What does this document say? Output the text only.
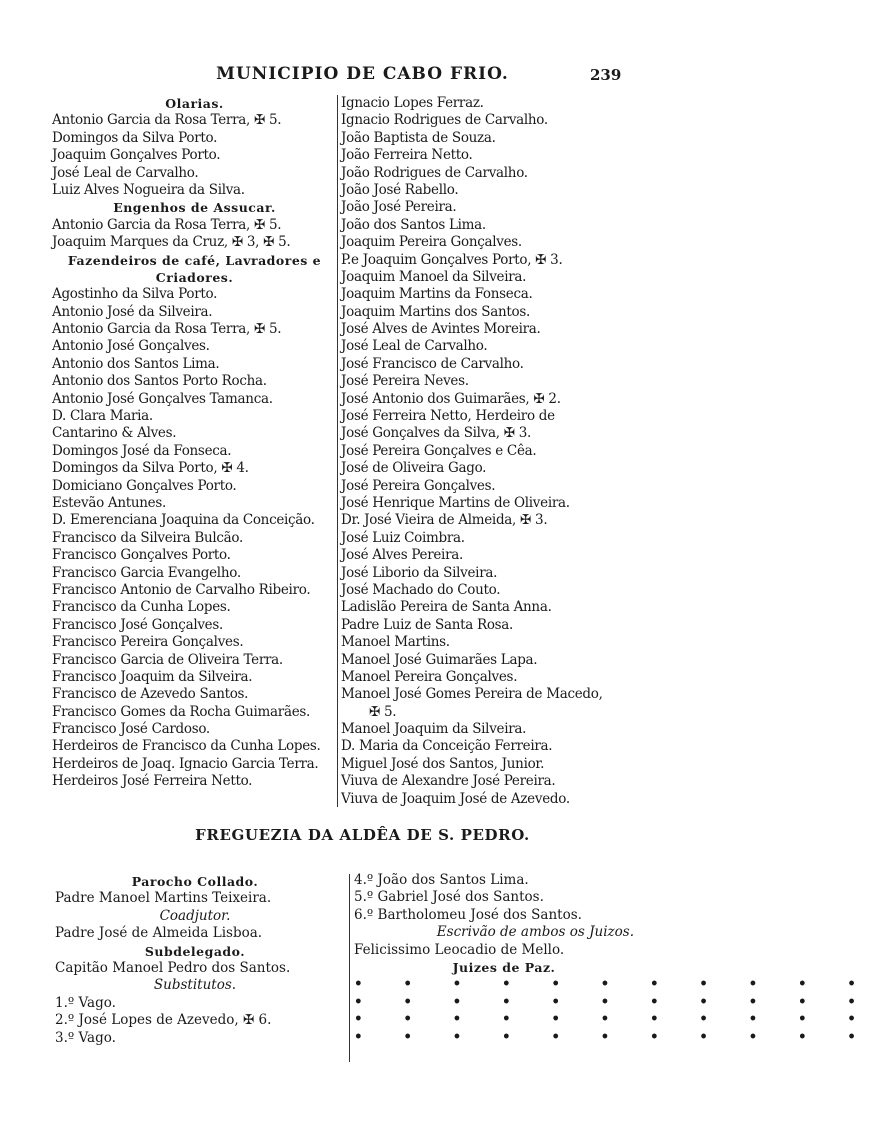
MUNICIPIO DE CABO FRIO.	239
Olarias.
Antonio Garcia da Rosa Terra, ✠ 5.
Domingos da Silva Porto.
Joaquim Gonçalves Porto.
José Leal de Carvalho.
Luiz Alves Nogueira da Silva.
Engenhos de Assucar.
Antonio Garcia da Rosa Terra, ✠ 5.
Joaquim Marques da Cruz, ✠ 3, ✠ 5.
Fazendeiros de café, Lavradores e
Criadores.
Agostinho da Silva Porto.
Antonio José da Silveira.
Antonio Garcia da Rosa Terra, ✠ 5.
Antonio José Gonçalves.
Antonio dos Santos Lima.
Antonio dos Santos Porto Rocha.
Antonio José Gonçalves Tamanca.
D. Clara Maria.
Cantarino & Alves.
Domingos José da Fonseca.
Domingos da Silva Porto, ✠ 4.
Domiciano Gonçalves Porto.
Estevão Antunes.
D. Emerenciana Joaquina da Conceição.
Francisco da Silveira Bulcão.
Francisco Gonçalves Porto.
Francisco Garcia Evangelho.
Francisco Antonio de Carvalho Ribeiro.
Francisco da Cunha Lopes.
Francisco José Gonçalves.
Francisco Pereira Gonçalves.
Francisco Garcia de Oliveira Terra.
Francisco Joaquim da Silveira.
Francisco de Azevedo Santos.
Francisco Gomes da Rocha Guimarães.
Francisco José Cardoso.
Herdeiros de Francisco da Cunha Lopes.
Herdeiros de Joaq. Ignacio Garcia Terra.
Herdeiros José Ferreira Netto.
Ignacio Lopes Ferraz.
Ignacio Rodrigues de Carvalho.
João Baptista de Souza.
João Ferreira Netto.
João Rodrigues de Carvalho.
João José Rabello.
João José Pereira.
João dos Santos Lima.
Joaquim Pereira Gonçalves.
P.e Joaquim Gonçalves Porto, ✠ 3.
Joaquim Manoel da Silveira.
Joaquim Martins da Fonseca.
Joaquim Martins dos Santos.
José Alves de Avintes Moreira.
José Leal de Carvalho.
José Francisco de Carvalho.
José Pereira Neves.
José Antonio dos Guimarães, ✠ 2.
José Ferreira Netto, Herdeiro de
José Gonçalves da Silva, ✠ 3.
José Pereira Gonçalves e Cêa.
José de Oliveira Gago.
José Pereira Gonçalves.
José Henrique Martins de Oliveira.
Dr. José Vieira de Almeida, ✠ 3.
José Luiz Coimbra.
José Alves Pereira.
José Liborio da Silveira.
José Machado do Couto.
Ladislão Pereira de Santa Anna.
Padre Luiz de Santa Rosa.
Manoel Martins.
Manoel José Guimarães Lapa.
Manoel Pereira Gonçalves.
Manoel José Gomes Pereira de Macedo,
✠ 5.
Manoel Joaquim da Silveira.
D. Maria da Conceição Ferreira.
Miguel José dos Santos, Junior.
Viuva de Alexandre José Pereira.
Viuva de Joaquim José de Azevedo.
FREGUEZIA DA ALDÊA DE S. PEDRO.
Parocho Collado.
Padre Manoel Martins Teixeira.
Coadjutor.
Padre José de Almeida Lisboa.
Subdelegado.
Capitão Manoel Pedro dos Santos.
Substitutos.
1.º Vago.
2.º José Lopes de Azevedo, ✠ 6.
3.º Vago.
4.º João dos Santos Lima.
5.º Gabriel José dos Santos.
6.º Bartholomeu José dos Santos.
Escrivão de ambos os Juizos.
Felicissimo Leocadio de Mello.
Juizes de Paz.
• • • • • • • • • • •
• • • • • • • • • • •
• • • • • • • • • • •
• • • • • • • • • • •
